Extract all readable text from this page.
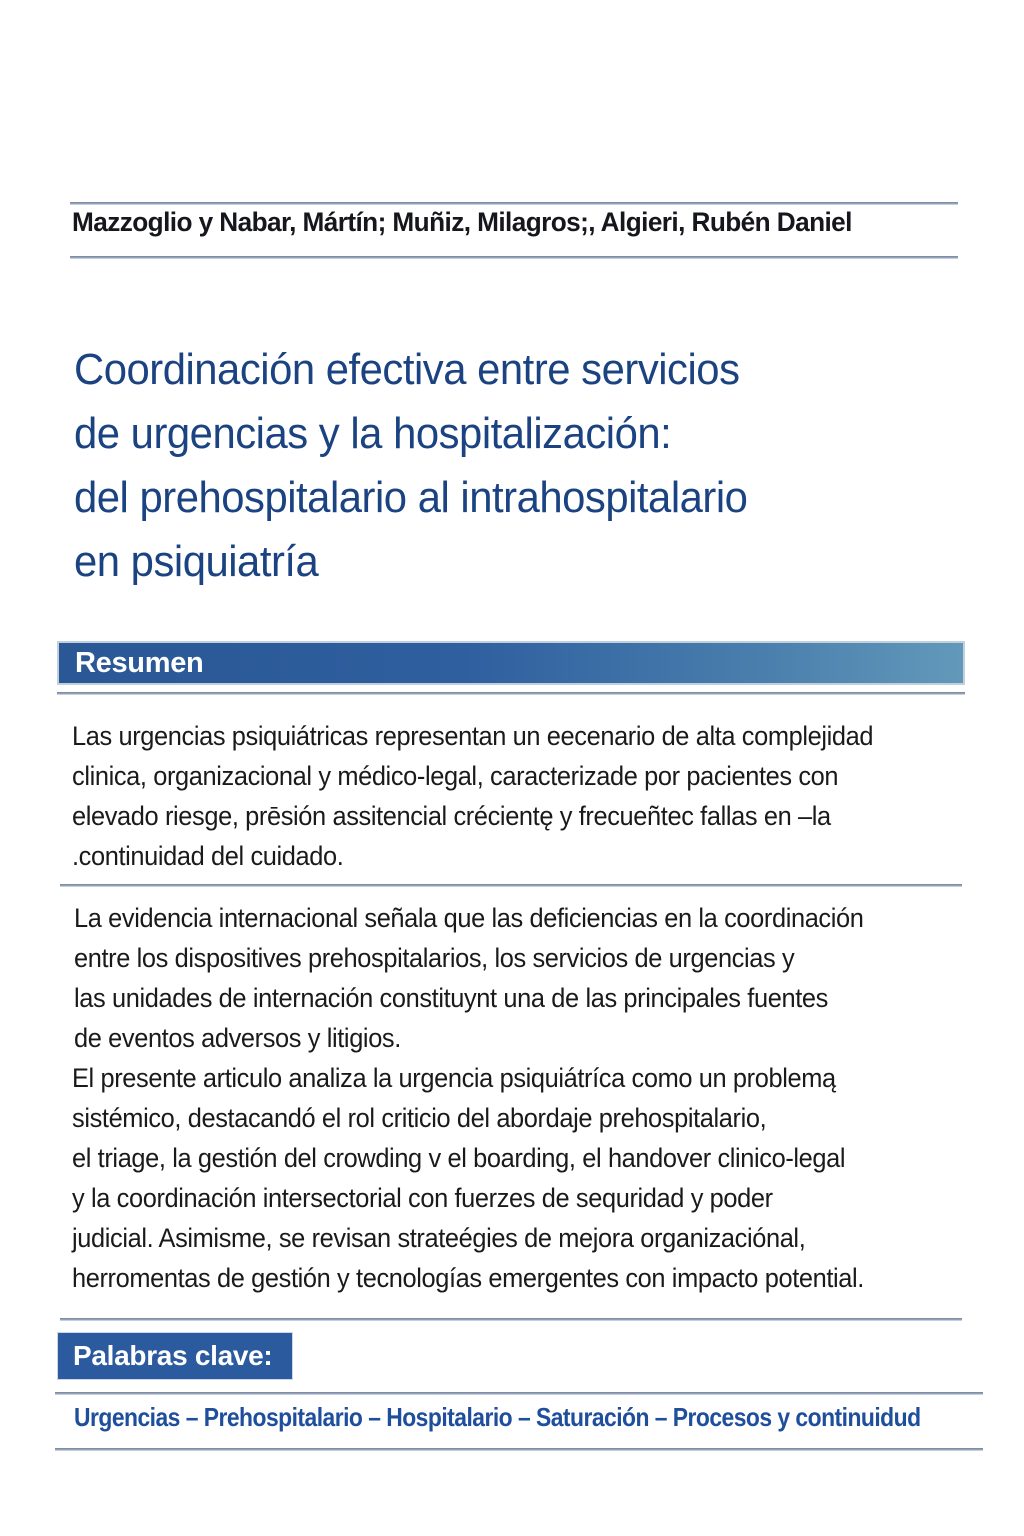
Mazzoglio y Nabar, Mártín; Muñiz, Milagros;, Algieri, Rubén Daniel
Coordinación efectiva entre servicios
de urgencias y la hospitalización:
del prehospitalario al intrahospitalario
en psiquiatría
Resumen
Las urgencias psiquiátricas representan un eecenario de alta complejidad
clinica, organizacional y médico-legal, caracterizade por pacientes con
elevado riesge, prēsión assitencial crécientę y frecueñtec fallas en –la
.continuidad del cuidado.
La evidencia internacional señala que las deficiencias en la coordinación
entre los dispositives prehospitalarios, los servicios de urgencias y
las unidades de internación constituynt una de las principales fuentes
de eventos adversos y litigios.
El presente articulo analiza la urgencia psiquiátríca como un problemą
sistémico, destacandó el rol criticio del abordaje prehospitalario,
el triage, la gestión del crowding v el boarding, el handover clinico-legal
y la coordinación intersectorial con fuerzes de sequridad y poder
judicial. Asimisme, se revisan strateégies de mejora organizaciónal,
herromentas de gestión y tecnologías emergentes con impacto potential.
Palabras clave:
Urgencias – Prehospitalario – Hospitalario – Saturación – Procesos y continuidud
